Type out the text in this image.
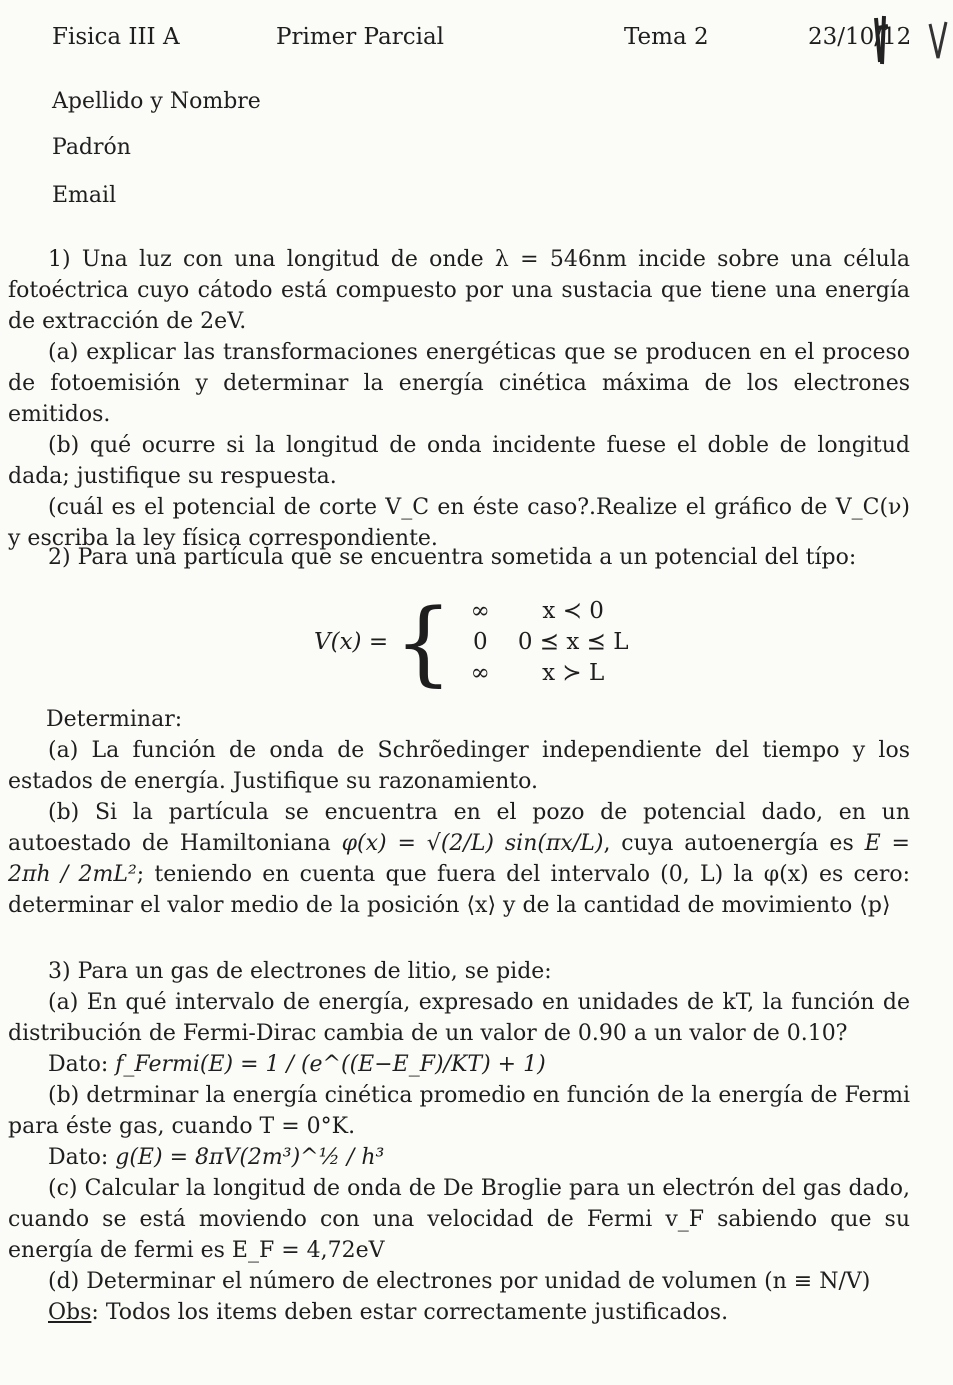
Fisica III A	Primer Parcial	Tema 2	23/10/12
Apellido y Nombre
Padrón
Email

1) Una luz con una longitud de onde λ = 546nm incide sobre una célula fotoéctrica cuyo cátodo está compuesto por una sustacia que tiene una energía de extracción de 2eV.

(a) explicar las transformaciones energéticas que se producen en el proceso de fotoemisión y determinar la energía cinética máxima de los electrones emitidos.

(b) qué ocurre si la longitud de onda incidente fuese el doble de longitud dada; justifique su respuesta.

(cuál es el potencial de corte V_C en éste caso?.Realize el gráfico de V_C(ν) y escriba la ley física correspondiente.

2) Para una partícula que se encuentra sometida a un potencial del típo:
V(x) =	{	∞	x ≺ 0
		0	0 ⪯ x ⪯ L
		∞	x ≻ L

Determinar:

(a) La función de onda de Schrõedinger independiente del tiempo y los estados de energía. Justifique su razonamiento.

(b) Si la partícula se encuentra en el pozo de potencial dado, en un autoestado de Hamiltoniana φ(x) = √(2/L) sin(πx/L), cuya autoenergía es E = 2πh / 2mL²; teniendo en cuenta que fuera del intervalo (0, L) la φ(x) es cero: determinar el valor medio de la posición ⟨x⟩ y de la cantidad de movimiento ⟨p⟩

3) Para un gas de electrones de litio, se pide:

(a) En qué intervalo de energía, expresado en unidades de kT, la función de distribución de Fermi-Dirac cambia de un valor de 0.90 a un valor de 0.10?

Dato: f_Fermi(E) = 1 / (e^((E−E_F)/KT) + 1)

(b) detrminar la energía cinética promedio en función de la energía de Fermi para éste gas, cuando T = 0°K.

Dato: g(E) = 8πV(2m³)^½ / h³

(c) Calcular la longitud de onda de De Broglie para un electrón del gas dado, cuando se está moviendo con una velocidad de Fermi v_F sabiendo que su energía de fermi es E_F = 4,72eV

(d) Determinar el número de electrones por unidad de volumen (n ≡ N/V)

Obs: Todos los items deben estar correctamente justificados.
